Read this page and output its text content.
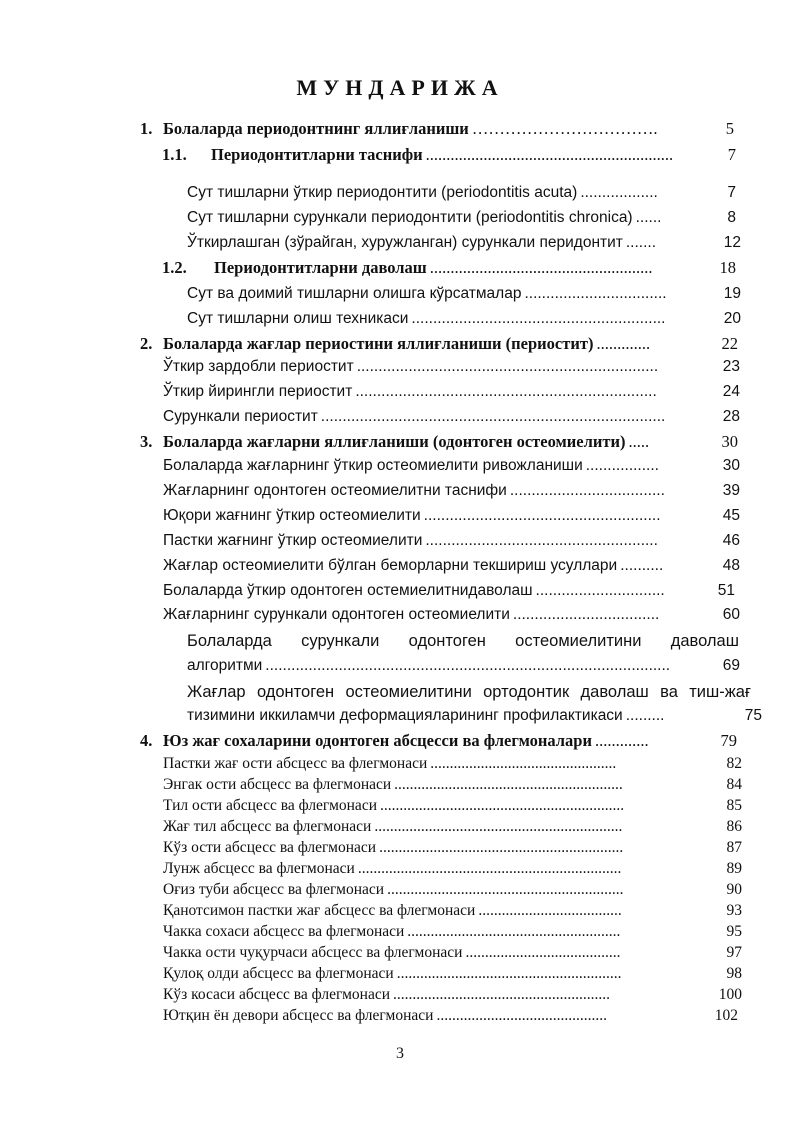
МУНДАРИЖА
1. Болаларда периодонтнинг яллиғланиши …………………………….	5
1.1.	Периодонтитларни таснифи ............................................................	7
Сут тишларни ўткир периодонтити (periodontitis acuta) ..................	7
Сут тишларни сурункали периодонтити (periodontitis chronica) ......	8
Ўткирлашган (зўрайган, хуружланган) сурункали перидонтит .......	12
1.2.	Периодонтитларни даволаш ......................................................	18
Сут ва доимий тишларни олишга кўрсатмалар .................................	19
Сут тишларни олиш техникаси ...........................................................	20
2. Болаларда жағлар периостини яллиғланиши (периостит) .............	22
Ўткир зардобли периостит ......................................................................	23
Ўткир йирингли периостит ......................................................................	24
Сурункали периостит ................................................................................	28
3. Болаларда жағларни яллиғланиши (одонтоген остеомиелити) .....	30
Болаларда жағларнинг ўткир остеомиелити ривожланиши .................	30
Жағларнинг одонтоген остеомиелитни таснифи ....................................	39
Юқори жағнинг ўткир остеомиелити .......................................................	45
Пастки жағнинг ўткир остеомиелити ......................................................	46
Жағлар остеомиелити бўлган беморларни текшириш усуллари ..........	48
Болаларда ўткир одонтоген остемиелитнидаволаш ..............................	51
Жағларнинг сурункали одонтоген остеомиелити ..................................	60
Болаларда сурункали одонтоген остеомиелитини даволаш
алгоритми ..............................................................................................	69
Жағлар одонтоген остеомиелитини ортодонтик даволаш ва тиш-жағ
тизимини иккиламчи деформацияларининг профилактикаси .........	75
4. Юз жағ сохаларини одонтоген абсцесси ва флегмоналари .............	79
Пастки жағ ости абсцесс ва флегмонаси ................................................	82
Энгак ости абсцесс ва флегмонаси ...........................................................	84
Тил ости абсцесс ва флегмонаси ...............................................................	85
Жағ тил абсцесс ва флегмонаси ................................................................	86
Кўз ости абсцесс ва флегмонаси ...............................................................	87
Лунж абсцесс ва флегмонаси ....................................................................	89
Оғиз туби абсцесс ва флегмонаси .............................................................	90
Қанотсимон пастки жағ абсцесс ва флегмонаси .....................................	93
Чакка сохаси абсцесс ва флегмонаси .......................................................	95
Чакка ости чуқурчаси абсцесс ва флегмонаси ........................................	97
Қулоқ олди абсцесс ва флегмонаси ..........................................................	98
Кўз косаси абсцесс ва флегмонаси ........................................................	100
Ютқин ён девори абсцесс ва флегмонаси ............................................	102
3
